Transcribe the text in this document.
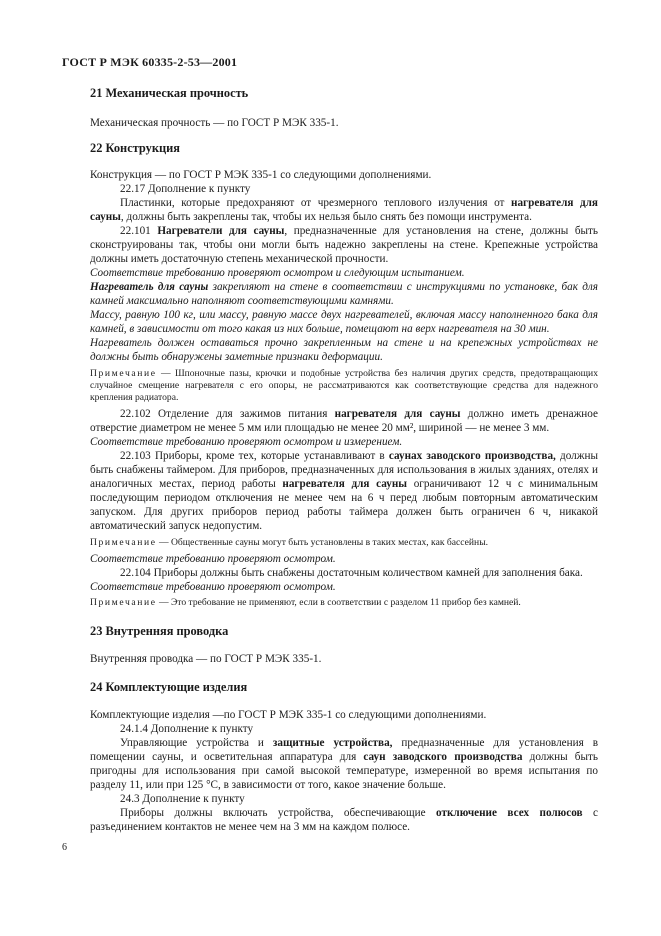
ГОСТ Р МЭК 60335-2-53—2001
21 Механическая прочность

Механическая прочность — по ГОСТ Р МЭК 335-1.

22 Конструкция

Конструкция — по ГОСТ Р МЭК 335-1 со следующими дополнениями.

22.17 Дополнение к пункту

Пластинки, которые предохраняют от чрезмерного теплового излучения от нагревателя для сауны, должны быть закреплены так, чтобы их нельзя было снять без помощи инструмента.

22.101 Нагреватели для сауны, предназначенные для установления на стене, должны быть сконструированы так, чтобы они могли быть надежно закреплены на стене. Крепежные устройства должны иметь достаточную степень механической прочности.

Соответствие требованию проверяют осмотром и следующим испытанием.

Нагреватель для сауны закрепляют на стене в соответствии с инструкциями по установке, бак для камней максимально наполняют соответствующими камнями.

Массу, равную 100 кг, или массу, равную массе двух нагревателей, включая массу наполненного бака для камней, в зависимости от того какая из них больше, помещают на верх нагревателя на 30 мин.

Нагреватель должен оставаться прочно закрепленным на стене и на крепежных устройствах не должны быть обнаружены заметные признаки деформации.

Примечание — Шпоночные пазы, крючки и подобные устройства без наличия других средств, предотвращающих случайное смещение нагревателя с его опоры, не рассматриваются как соответствующие средства для надежного крепления радиатора.

22.102 Отделение для зажимов питания нагревателя для сауны должно иметь дренажное отверстие диаметром не менее 5 мм или площадью не менее 20 мм², шириной — не менее 3 мм.

Соответствие требованию проверяют осмотром и измерением.

22.103 Приборы, кроме тех, которые устанавливают в саунах заводского производства, должны быть снабжены таймером. Для приборов, предназначенных для использования в жилых зданиях, отелях и аналогичных местах, период работы нагревателя для сауны ограничивают 12 ч с минимальным последующим периодом отключения не менее чем на 6 ч перед любым повторным автоматическим запуском. Для других приборов период работы таймера должен быть ограничен 6 ч, никакой автоматический запуск недопустим.

Примечание — Общественные сауны могут быть установлены в таких местах, как бассейны.

Соответствие требованию проверяют осмотром.

22.104 Приборы должны быть снабжены достаточным количеством камней для заполнения бака.

Соответствие требованию проверяют осмотром.

Примечание — Это требование не применяют, если в соответствии с разделом 11 прибор без камней.

23 Внутренняя проводка

Внутренняя проводка — по ГОСТ Р МЭК 335-1.

24 Комплектующие изделия

Комплектующие изделия —по ГОСТ Р МЭК 335-1 со следующими дополнениями.

24.1.4 Дополнение к пункту

Управляющие устройства и защитные устройства, предназначенные для установления в помещении сауны, и осветительная аппаратура для саун заводского производства должны быть пригодны для использования при самой высокой температуре, измеренной во время испытания по разделу 11, или при 125 °С, в зависимости от того, какое значение больше.

24.3 Дополнение к пункту

Приборы должны включать устройства, обеспечивающие отключение всех полюсов с разъединением контактов не менее чем на 3 мм на каждом полюсе.

6
